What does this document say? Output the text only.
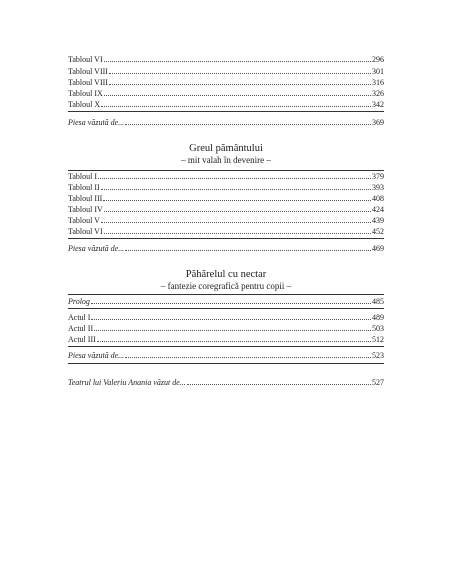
Tabloul VI	296
Tabloul VIII	301
Tabloul VIII	316
Tabloul IX	326
Tabloul X	342
Piesa văzută de...	369
Greul pământului
– mit valah în devenire –
Tabloul I	379
Tabloul II	393
Tabloul III	408
Tabloul IV	424
Tabloul V	439
Tabloul VI	452
Piesa văzută de...	469
Păhărelul cu nectar
– fantezie coregrafică pentru copii –
Prolog	485
Actul I	489
Actul II	503
Actul III	512
Piesa văzută de...	523
Teatrul lui Valeriu Anania văzut de...	527
